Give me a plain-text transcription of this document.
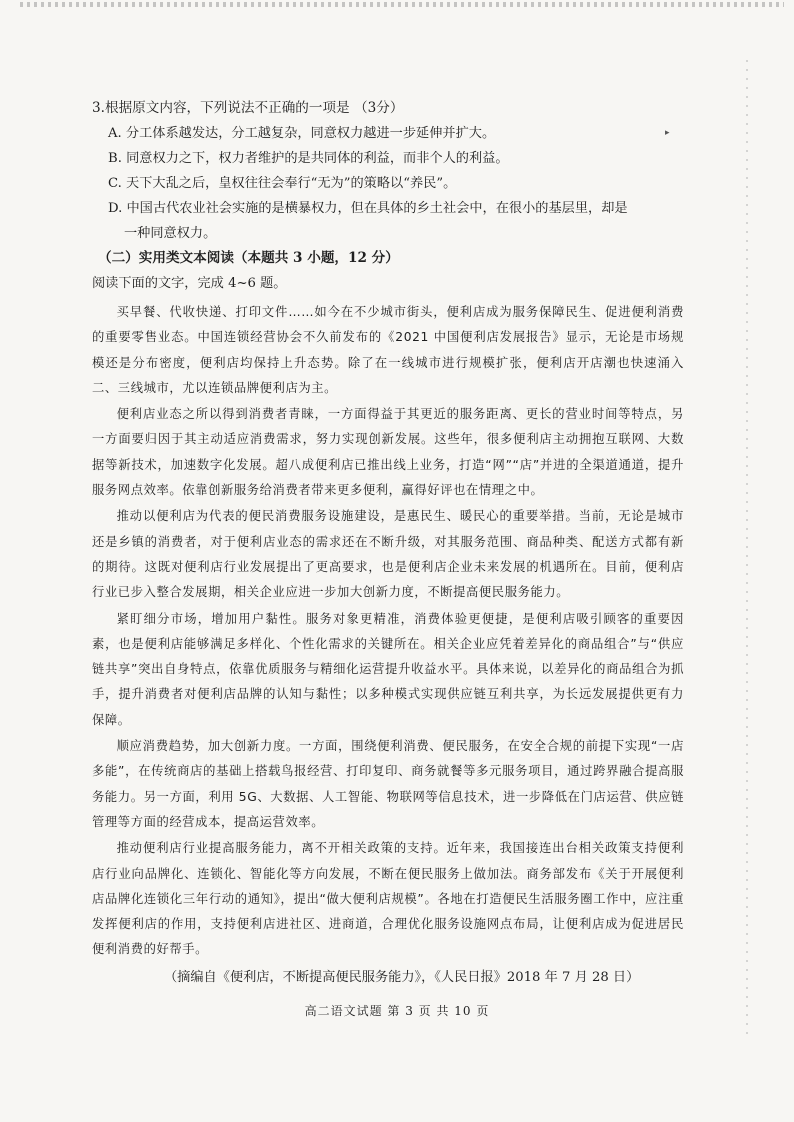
▸
3.根据原文内容，下列说法不正确的一项是 （3分）
A. 分工体系越发达，分工越复杂，同意权力越进一步延伸并扩大。
B. 同意权力之下，权力者维护的是共同体的利益，而非个人的利益。
C. 天下大乱之后，皇权往往会奉行“无为”的策略以“养民”。
D. 中国古代农业社会实施的是横暴权力，但在具体的乡土社会中，在很小的基层里，却是
一种同意权力。
（二）实用类文本阅读（本题共 3 小题，12 分）
阅读下面的文字，完成 4~6 题。

买早餐、代收快递、打印文件……如今在不少城市街头，便利店成为服务保障民生、促进便利消费的重要零售业态。中国连锁经营协会不久前发布的《2021 中国便利店发展报告》显示，无论是市场规模还是分布密度，便利店均保持上升态势。除了在一线城市进行规模扩张，便利店开店潮也快速涌入二、三线城市，尤以连锁品牌便利店为主。

便利店业态之所以得到消费者青睐，一方面得益于其更近的服务距离、更长的营业时间等特点，另一方面要归因于其主动适应消费需求，努力实现创新发展。这些年，很多便利店主动拥抱互联网、大数据等新技术，加速数字化发展。超八成便利店已推出线上业务，打造“网”“店”并进的全渠道通道，提升服务网点效率。依靠创新服务给消费者带来更多便利，赢得好评也在情理之中。

推动以便利店为代表的便民消费服务设施建设，是惠民生、暖民心的重要举措。当前，无论是城市还是乡镇的消费者，对于便利店业态的需求还在不断升级，对其服务范围、商品种类、配送方式都有新的期待。这既对便利店行业发展提出了更高要求，也是便利店企业未来发展的机遇所在。目前，便利店行业已步入整合发展期，相关企业应进一步加大创新力度，不断提高便民服务能力。

紧盯细分市场，增加用户黏性。服务对象更精准，消费体验更便捷，是便利店吸引顾客的重要因素，也是便利店能够满足多样化、个性化需求的关键所在。相关企业应凭着差异化的商品组合”与“供应链共享”突出自身特点，依靠优质服务与精细化运营提升收益水平。具体来说，以差异化的商品组合为抓手，提升消费者对便利店品牌的认知与黏性；以多种模式实现供应链互利共享，为长远发展提供更有力保障。

顺应消费趋势，加大创新力度。一方面，围绕便利消费、便民服务，在安全合规的前提下实现“一店多能”，在传统商店的基础上搭载鸟报经营、打印复印、商务就餐等多元服务项目，通过跨界融合提高服务能力。另一方面，利用 5G、大数据、人工智能、物联网等信息技术，进一步降低在门店运营、供应链管理等方面的经营成本，提高运营效率。

推动便利店行业提高服务能力，离不开相关政策的支持。近年来，我国接连出台相关政策支持便利店行业向品牌化、连锁化、智能化等方向发展，不断在便民服务上做加法。商务部发布《关于开展便利店品牌化连锁化三年行动的通知》，提出“做大便利店规模”。各地在打造便民生活服务圈工作中，应注重发挥便利店的作用，支持便利店进社区、进商道，合理优化服务设施网点布局，让便利店成为促进居民便利消费的好帮手。

（摘编自《便利店，不断提高便民服务能力》，《人民日报》2018 年 7 月 28 日）
高二语文试题 第 3 页 共 10 页
